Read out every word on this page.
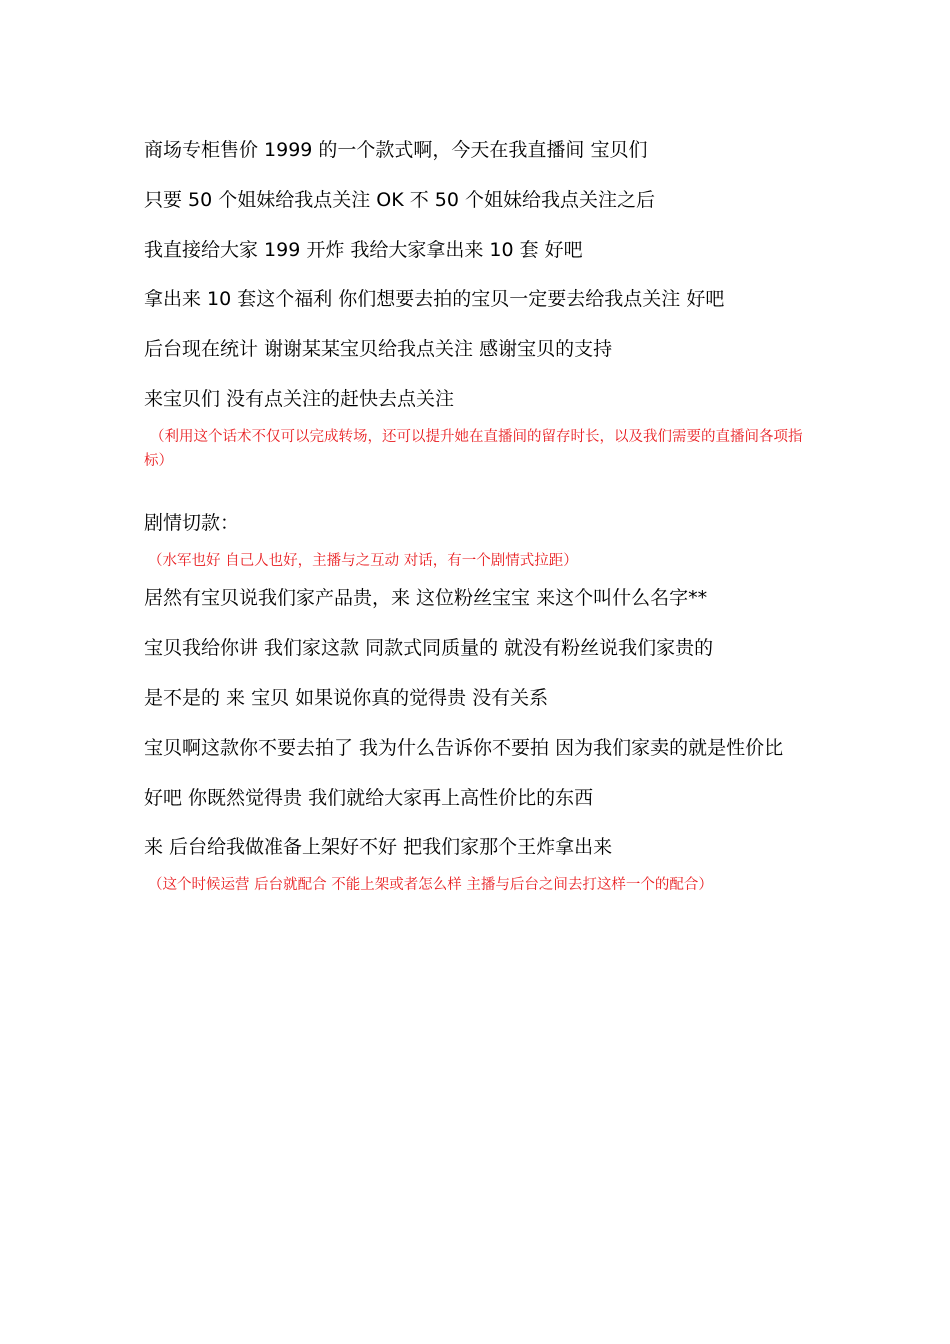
商场专柜售价 1999 的一个款式啊，今天在我直播间 宝贝们
只要 50 个姐妹给我点关注 OK 不 50 个姐妹给我点关注之后
我直接给大家 199 开炸 我给大家拿出来 10 套 好吧
拿出来 10 套这个福利 你们想要去拍的宝贝一定要去给我点关注 好吧
后台现在统计 谢谢某某宝贝给我点关注 感谢宝贝的支持
来宝贝们 没有点关注的赶快去点关注
（利用这个话术不仅可以完成转场，还可以提升她在直播间的留存时长，以及我们需要的直播间各项指标）
剧情切款：
（水军也好 自己人也好，主播与之互动 对话，有一个剧情式拉距）
居然有宝贝说我们家产品贵，来 这位粉丝宝宝 来这个叫什么名字**
宝贝我给你讲 我们家这款 同款式同质量的 就没有粉丝说我们家贵的
是不是的 来 宝贝 如果说你真的觉得贵 没有关系
宝贝啊这款你不要去拍了 我为什么告诉你不要拍 因为我们家卖的就是性价比
好吧 你既然觉得贵 我们就给大家再上高性价比的东西
来 后台给我做准备上架好不好 把我们家那个王炸拿出来
（这个时候运营 后台就配合 不能上架或者怎么样 主播与后台之间去打这样一个的配合）
